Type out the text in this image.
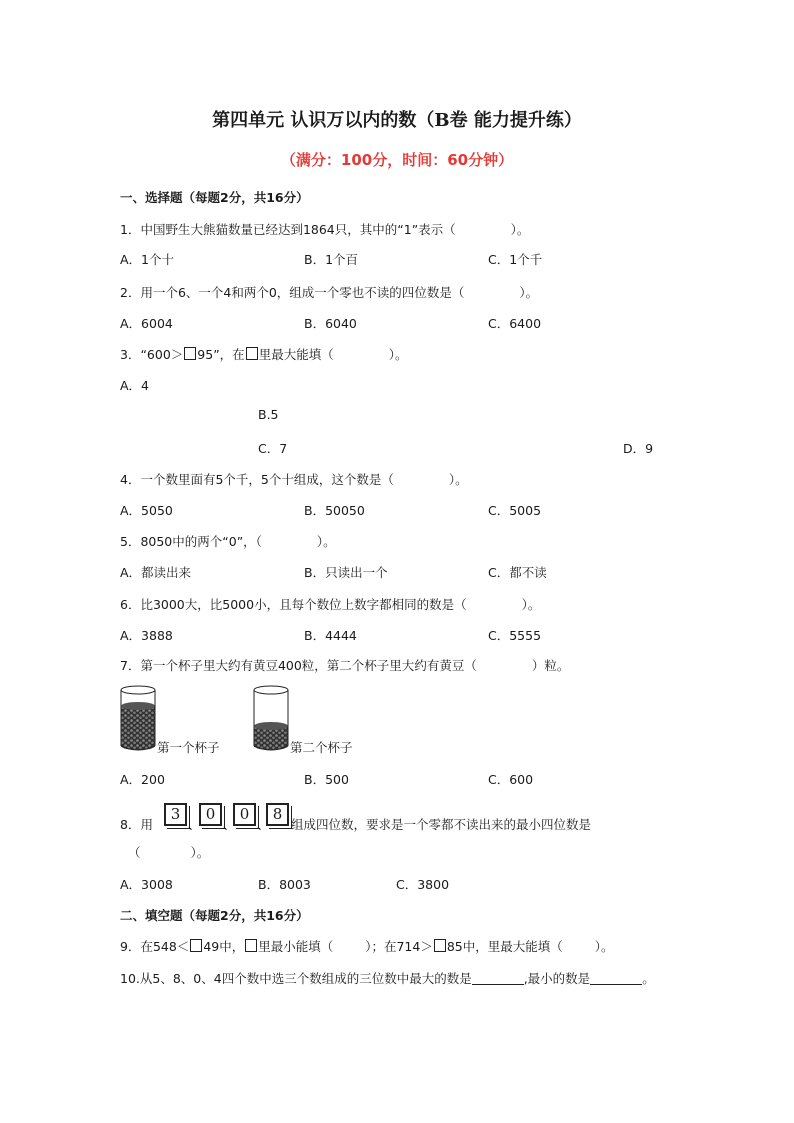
第四单元 认识万以内的数（B卷 能力提升练）
（满分：100分，时间：60分钟）
一、选择题（每题2分，共16分）
1．中国野生大熊猫数量已经达到1864只，其中的“1”表示（	）。
A．1个十	B．1个百	C．1个千
2．用一个6、一个4和两个0，组成一个零也不读的四位数是（	）。
A．6004	B．6040	C．6400
3．“600＞ 95”，在 里最大能填（	）。
A．4
B.5
C．7	D．9
4．一个数里面有5个千，5个十组成，这个数是（	）。
A．5050	B．50050	C．5005
5．8050中的两个“0”，（	）。
A．都读出来	B．只读出一个	C．都不读
6．比3000大，比5000小，且每个数位上数字都相同的数是（	）。
A．3888	B．4444	C．5555
7．第一个杯子里大约有黄豆400粒，第二个杯子里大约有黄豆（	）粒。
第一个杯子	第二个杯子
A．200	B．500	C．600
8．用
3
、
0
、
0
、
8
组成四位数，要求是一个零都不读出来的最小四位数是
（　　　　）。
A．3008	B．8003	C．3800
二、填空题（每题2分，共16分）
9．在548＜ 49中， 里最小能填（	）；在714＞ 85中，里最大能填（	）。
10.从5、8、0、4四个数中选三个数组成的三位数中最大的数是	,最小的数是	。
